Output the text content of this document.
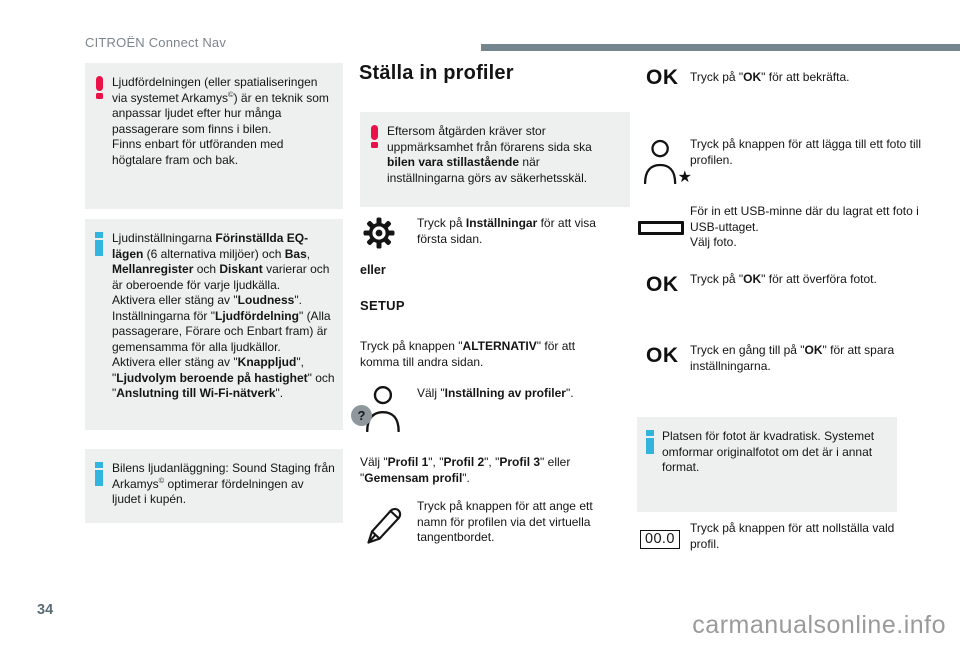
CITROËN Connect Nav
Ljudfördelningen (eller spatialiseringen via systemet Arkamys©) är en teknik som anpassar ljudet efter hur många passagerare som finns i bilen.
Finns enbart för utföranden med högtalare fram och bak.
Ljudinställningarna Förinställda EQ-lägen (6 alternativa miljöer) och Bas, Mellanregister och Diskant varierar och är oberoende för varje ljudkälla.
Aktivera eller stäng av "Loudness".
Inställningarna för "Ljudfördelning" (Alla passagerare, Förare och Enbart fram) är gemensamma för alla ljudkällor.
Aktivera eller stäng av "Knappljud", "Ljudvolym beroende på hastighet" och "Anslutning till Wi-Fi-nätverk".
Bilens ljudanläggning: Sound Staging från Arkamys© optimerar fördelningen av ljudet i kupén.
Ställa in profiler
Eftersom åtgärden kräver stor uppmärksamhet från förarens sida ska bilen vara stillastående när inställningarna görs av säkerhetsskäl.
Tryck på Inställningar för att visa första sidan.
eller
SETUP
Tryck på knappen "ALTERNATIV" för att komma till andra sidan.
?
Välj "Inställning av profiler".
Välj "Profil 1", "Profil 2", "Profil 3" eller "Gemensam profil".
Tryck på knappen för att ange ett namn för profilen via det virtuella tangentbordet.
OK Tryck på "OK" för att bekräfta.
★
Tryck på knappen för att lägga till ett foto till profilen.
För in ett USB-minne där du lagrat ett foto i USB-uttaget.
Välj foto.
OK Tryck på "OK" för att överföra fotot.
OK Tryck en gång till på "OK" för att spara inställningarna.
Platsen för fotot är kvadratisk. Systemet omformar originalfotot om det är i annat format.
00.0
Tryck på knappen för att nollställa vald profil.
34
carmanualsonline.info
